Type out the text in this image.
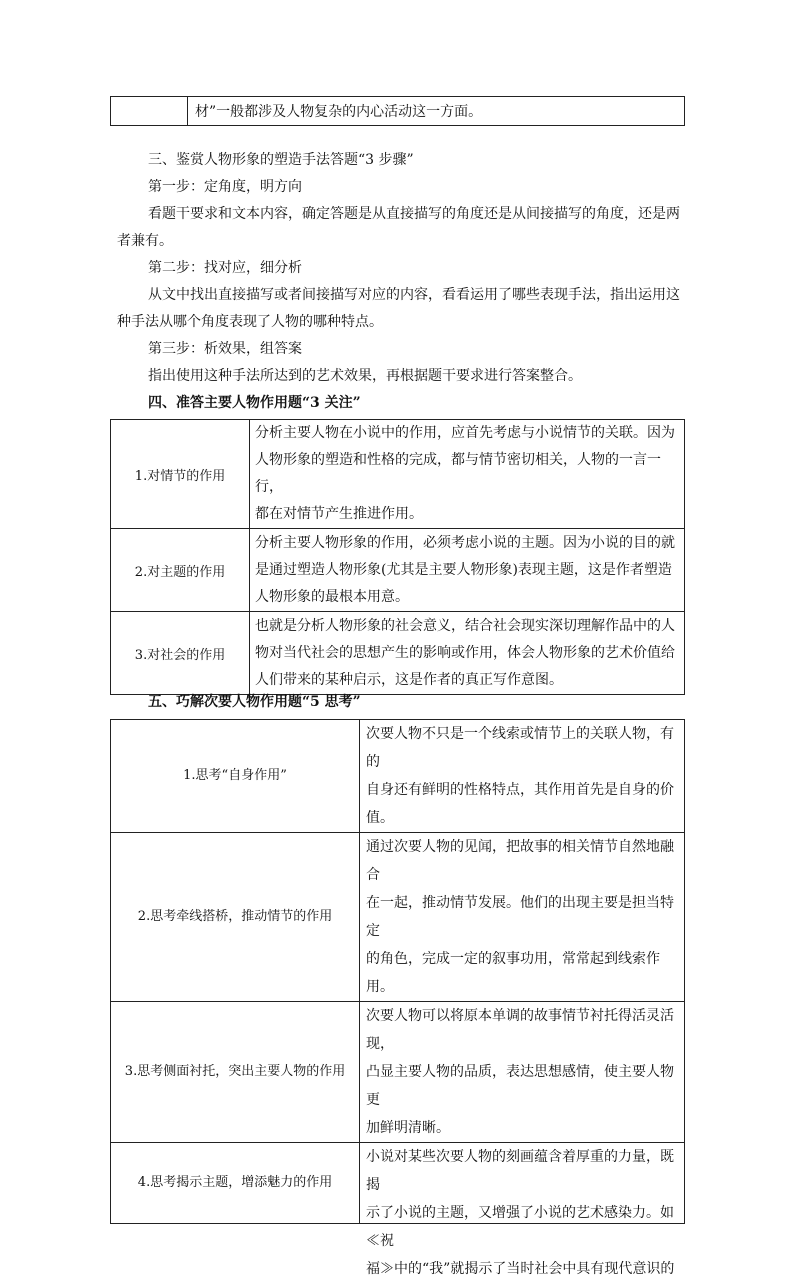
	材”一般都涉及人物复杂的内心活动这一方面。
三、鉴赏人物形象的塑造手法答题“3 步骤”
第一步：定角度，明方向
看题干要求和文本内容，确定答题是从直接描写的角度还是从间接描写的角度，还是两
者兼有。
第二步：找对应，细分析
从文中找出直接描写或者间接描写对应的内容，看看运用了哪些表现手法，指出运用这
种手法从哪个角度表现了人物的哪种特点。
第三步：析效果，组答案
指出使用这种手法所达到的艺术效果，再根据题干要求进行答案整合。
四、准答主要人物作用题“3 关注”
1.对情节的作用	分析主要人物在小说中的作用，应首先考虑与小说情节的关联。因为
人物形象的塑造和性格的完成，都与情节密切相关，人物的一言一行，
都在对情节产生推进作用。

2.对主题的作用	分析主要人物形象的作用，必须考虑小说的主题。因为小说的目的就
是通过塑造人物形象(尤其是主要人物形象)表现主题，这是作者塑造
人物形象的最根本用意。

3.对社会的作用	也就是分析人物形象的社会意义，结合社会现实深切理解作品中的人
物对当代社会的思想产生的影响或作用，体会人物形象的艺术价值给
人们带来的某种启示，这是作者的真正写作意图。
五、巧解次要人物作用题“5 思考”
1.思考“自身作用”	次要人物不只是一个线索或情节上的关联人物，有的
自身还有鲜明的性格特点，其作用首先是自身的价值。

2.思考牵线搭桥，推动情节的作用	通过次要人物的见闻，把故事的相关情节自然地融合
在一起，推动情节发展。他们的出现主要是担当特定
的角色，完成一定的叙事功用，常常起到线索作用。

3.思考侧面衬托，突出主要人物的作用	次要人物可以将原本单调的故事情节衬托得活灵活现，
凸显主要人物的品质，表达思想感情，使主要人物更
加鲜明清晰。

4.思考揭示主题，增添魅力的作用	小说对某些次要人物的刻画蕴含着厚重的力量，既揭
示了小说的主题，又增强了小说的艺术感染力。如≪祝
福≫中的“我”就揭示了当时社会中具有现代意识的
